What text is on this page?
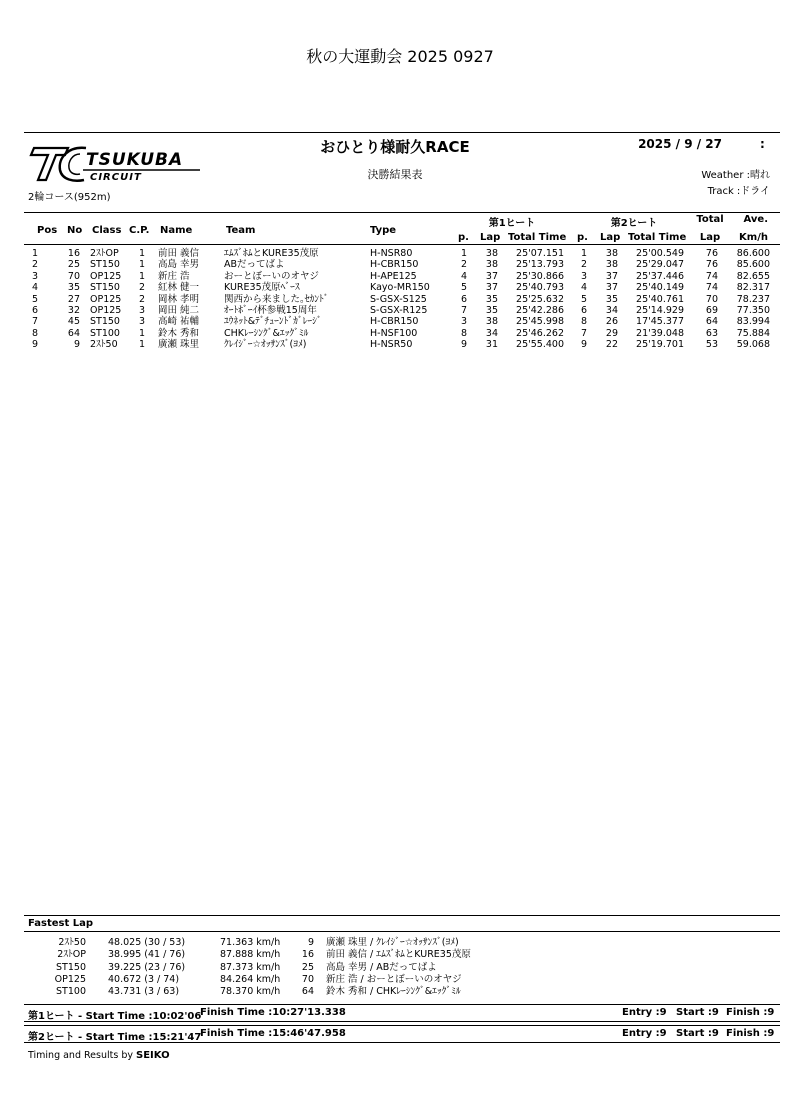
秋の大運動会 2025 0927
TSUKUBA
CIRCUIT
2輪コース(952m)
おひとり様耐久RACE
決勝結果表
2025 / 9 / 27	:
Weather :晴れ
Track :ドライ
第1ヒート	第2ヒート	Total	Ave.
Pos No Class C.P. Name	Team	Type
p. Lap Total Time p. Lap Total Time	Lap	Km/h
1	16 2ｽﾄOP	1	前田 義信	ｴﾑｽﾞﾎﾑとKURE35茂原	H-NSR80	1	38	25'07.151	1	38	25'00.549	76	86.600
2	25 ST150	1	高島 幸男	ABだってばよ	H-CBR150	2	38	25'13.793	2	38	25'29.047	76	85.600
3	70 OP125	1	新庄 浩	おーとぼーいのオヤジ	H-APE125	4	37	25'30.866	3	37	25'37.446	74	82.655
4	35 ST150	2	紅林 健一	KURE35茂原ﾍﾞｰｽ	Kayo-MR150	5	37	25'40.793	4	37	25'40.149	74	82.317
5	27 OP125	2	岡林 孝明	関西から来ました｡ｾｶﾝﾄﾞ	S-GSX-S125	6	35	25'25.632	5	35	25'40.761	70	78.237
6	32 OP125	3	岡田 純二	ｵｰﾄﾎﾞｰｲ杯参戦15周年	S-GSX-R125	7	35	25'42.286	6	34	25'14.929	69	77.350
7	45 ST150	3	高崎 祐輔	ﾕｳﾈｯﾄ&ﾃﾞﾁｭｰﾝﾄﾞｶﾞﾚｰｼﾞ	H-CBR150	3	38	25'45.998	8	26	17'45.377	64	83.994
8	64 ST100	1	鈴木 秀和	CHKﾚｰｼﾝｸﾞ&ｴｯｸﾞﾐﾙ	H-NSF100	8	34	25'46.262	7	29	21'39.048	63	75.884
9	9 2ｽﾄ50	1	廣瀬 珠里	ｸﾚｲｼﾞｰ☆ｵｯｻﾝｽﾞ(ﾖﾒ)	H-NSR50	9	31	25'55.400	9	22	25'19.701	53	59.068
Fastest Lap
2ｽﾄ50 48.025 (30 / 53)	71.363 km/h	9 廣瀬 珠里 / ｸﾚｲｼﾞｰ☆ｵｯｻﾝｽﾞ(ﾖﾒ)
2ｽﾄOP 38.995 (41 / 76)	87.888 km/h	16 前田 義信 / ｴﾑｽﾞﾎﾑとKURE35茂原
ST150 39.225 (23 / 76)	87.373 km/h	25 高島 幸男 / ABだってばよ
OP125 40.672 (3 / 74)	84.264 km/h	70 新庄 浩 / おーとぼーいのオヤジ
ST100 43.731 (3 / 63)	78.370 km/h	64 鈴木 秀和 / CHKﾚｰｼﾝｸﾞ&ｴｯｸﾞﾐﾙ
第1ヒート - Start Time :10:02'06
Finish Time :10:27'13.338	Entry :9 Start :9 Finish :9
第2ヒート - Start Time :15:21'47
Finish Time :15:46'47.958	Entry :9 Start :9 Finish :9
Timing and Results by SEIKO
